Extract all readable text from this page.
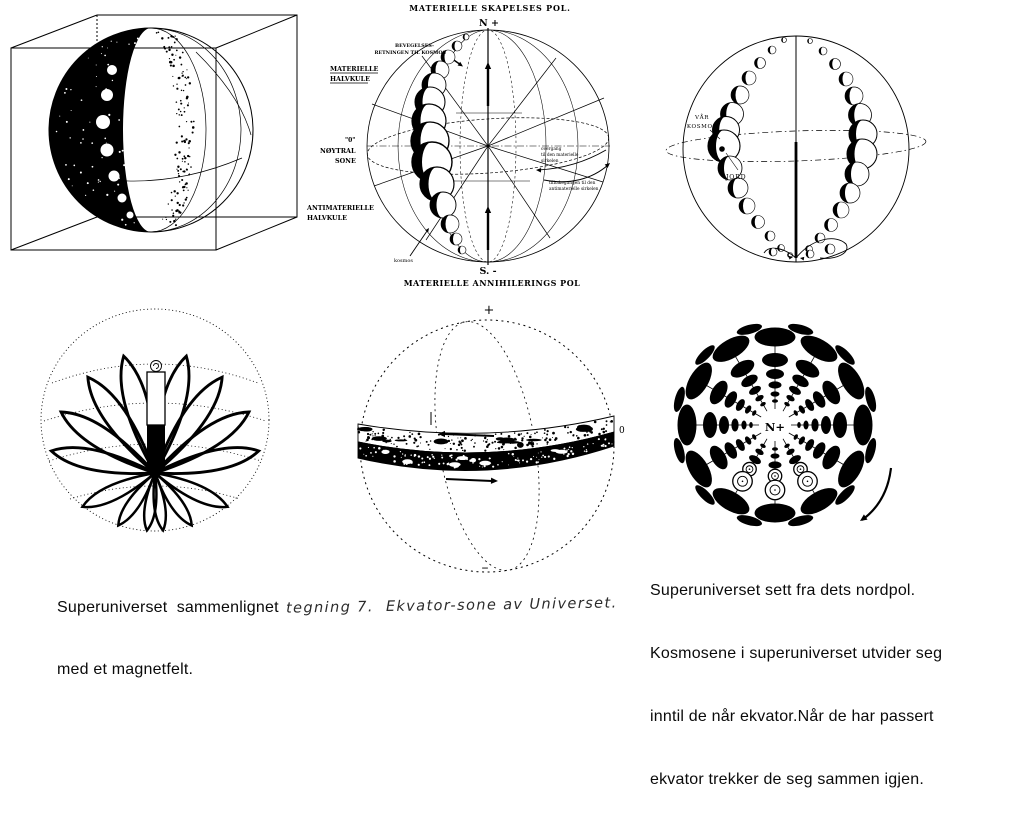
MATERIELLE SKAPELSES POL.
N +
BEVEGELSES-
RETNINGEN TIL KOSMOS
MATERIELLE
HALVKULE
"0"
NØYTRAL
SONE
ANTIMATERIELLE
HALVKULE
kosmos
S. -
MATERIELLE ANNIHILERINGS POL
overgang
til den materielle
sirkelen
tilbakegangen til den
antimaterielle sirkelen
VÅR
KOSMOS
JORD

Superuniverset  sammenlignet

med et magnetfelt.

+
0
–
tegning 7.  Ekvator-sone av Universet.
N+

Superuniverset sett fra dets nordpol.

Kosmosene i superuniverset utvider seg

inntil de når ekvator.Når de har passert

ekvator trekker de seg sammen igjen.
